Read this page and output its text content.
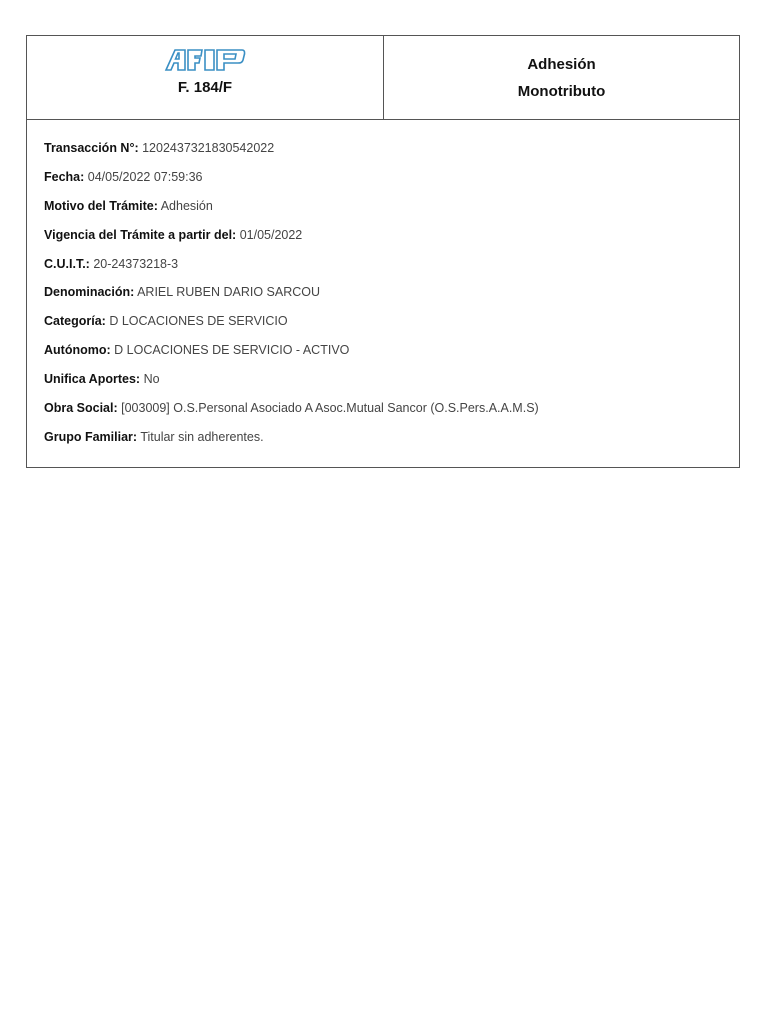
F. 184/F
Adhesión
Monotributo
Transacción N°: 1202437321830542022
Fecha: 04/05/2022 07:59:36
Motivo del Trámite: Adhesión
Vigencia del Trámite a partir del: 01/05/2022
C.U.I.T.: 20-24373218-3
Denominación: ARIEL RUBEN DARIO SARCOU
Categoría: D LOCACIONES DE SERVICIO
Autónomo: D LOCACIONES DE SERVICIO - ACTIVO
Unifica Aportes: No
Obra Social: [003009] O.S.Personal Asociado A Asoc.Mutual Sancor (O.S.Pers.A.A.M.S)
Grupo Familiar: Titular sin adherentes.
